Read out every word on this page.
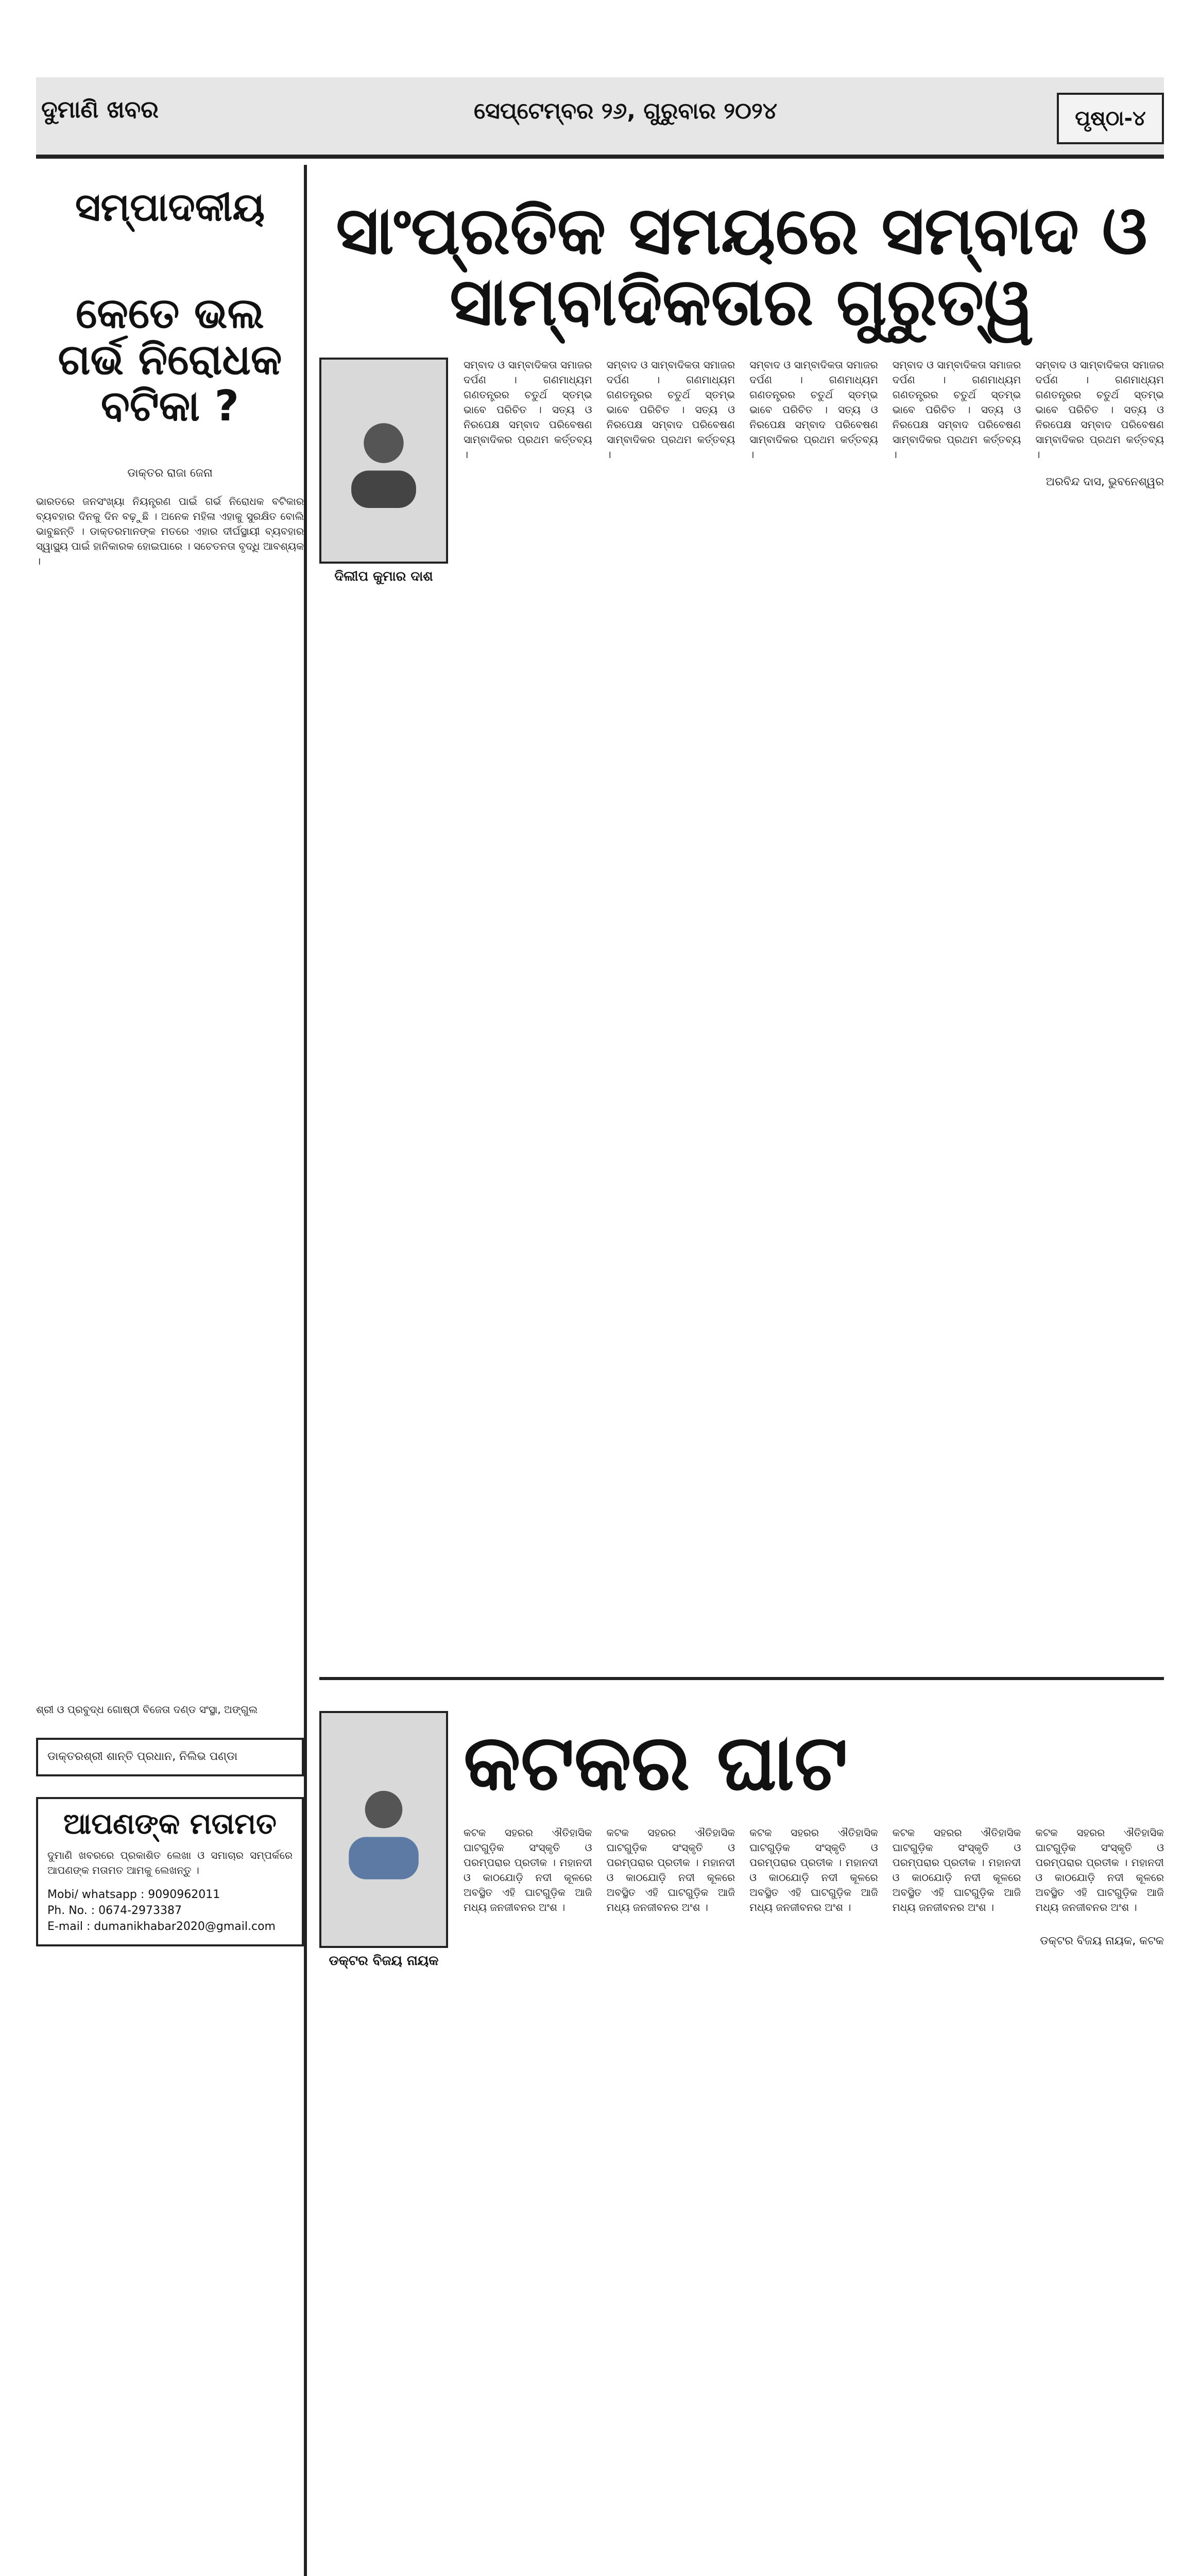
ଦୁମାଣି ଖବର	ସେପ୍ଟେମ୍ବର ୨୬, ଗୁରୁବାର ୨୦୨୪	ପୃଷ୍ଠା-୪
ସମ୍ପାଦକୀୟ
କେତେ ଭଲ ଗର୍ଭ ନିରୋଧକ ବଟିକା ?
ଡାକ୍ତର ରାଜା ଜେନା
ଭାରତରେ ଜନସଂଖ୍ୟା ନିୟନ୍ତ୍ରଣ ପାଇଁ ଗର୍ଭ ନିରୋଧକ ବଟିକାର ବ୍ୟବହାର ଦିନକୁ ଦିନ ବଢ଼ୁଛି । ଅନେକ ମହିଳା ଏହାକୁ ସୁରକ୍ଷିତ ବୋଲି ଭାବୁଛନ୍ତି । ଡାକ୍ତରମାନଙ୍କ ମତରେ ଏହାର ଦୀର୍ଘସ୍ଥାୟୀ ବ୍ୟବହାର ସ୍ୱାସ୍ଥ୍ୟ ପାଇଁ ହାନିକାରକ ହୋଇପାରେ । ସଚେତନତା ବୃଦ୍ଧି ଆବଶ୍ୟକ ।
ଶ୍ରୀ ଓ ପ୍ରବୁଦ୍ଧ ଗୋଷ୍ଠୀ ବିଜେତା ଦଣ୍ଡ ସଂସ୍ଥା, ଅଙ୍ଗୁଲ
ଡାକ୍ତରଶ୍ରୀ ଶାନ୍ତି ପ୍ରଧାନ, ନିଲିଭ ପଣ୍ଡା
ଆପଣଙ୍କ ମତାମତ
ଦୁମାଣି ଖବରରେ ପ୍ରକାଶିତ ଲେଖା ଓ ସମାଚାର ସମ୍ପର୍କରେ ଆପଣଙ୍କ ମତାମତ ଆମକୁ ଲେଖନ୍ତୁ ।
Mobi/ whatsapp : 9090962011
Ph. No. : 0674-2973387
E-mail : dumanikhabar2020@gmail.com
ସାଂପ୍ରତିକ ସମୟରେ ସମ୍ବାଦ ଓ ସାମ୍ବାଦିକତାର ଗୁରୁତ୍ୱ
ଦିଲୀପ କୁମାର ଦାଶ
ସମ୍ବାଦ ଓ ସାମ୍ବାଦିକତା ସମାଜର ଦର୍ପଣ । ଗଣମାଧ୍ୟମ ଗଣତନ୍ତ୍ରର ଚତୁର୍ଥ ସ୍ତମ୍ଭ ଭାବେ ପରିଚିତ । ସତ୍ୟ ଓ ନିରପେକ୍ଷ ସମ୍ବାଦ ପରିବେଷଣ ସାମ୍ବାଦିକର ପ୍ରଥମ କର୍ତ୍ତବ୍ୟ ।
ସମ୍ବାଦ ଓ ସାମ୍ବାଦିକତା ସମାଜର ଦର୍ପଣ । ଗଣମାଧ୍ୟମ ଗଣତନ୍ତ୍ରର ଚତୁର୍ଥ ସ୍ତମ୍ଭ ଭାବେ ପରିଚିତ । ସତ୍ୟ ଓ ନିରପେକ୍ଷ ସମ୍ବାଦ ପରିବେଷଣ ସାମ୍ବାଦିକର ପ୍ରଥମ କର୍ତ୍ତବ୍ୟ ।
ସମ୍ବାଦ ଓ ସାମ୍ବାଦିକତା ସମାଜର ଦର୍ପଣ । ଗଣମାଧ୍ୟମ ଗଣତନ୍ତ୍ରର ଚତୁର୍ଥ ସ୍ତମ୍ଭ ଭାବେ ପରିଚିତ । ସତ୍ୟ ଓ ନିରପେକ୍ଷ ସମ୍ବାଦ ପରିବେଷଣ ସାମ୍ବାଦିକର ପ୍ରଥମ କର୍ତ୍ତବ୍ୟ ।
ସମ୍ବାଦ ଓ ସାମ୍ବାଦିକତା ସମାଜର ଦର୍ପଣ । ଗଣମାଧ୍ୟମ ଗଣତନ୍ତ୍ରର ଚତୁର୍ଥ ସ୍ତମ୍ଭ ଭାବେ ପରିଚିତ । ସତ୍ୟ ଓ ନିରପେକ୍ଷ ସମ୍ବାଦ ପରିବେଷଣ ସାମ୍ବାଦିକର ପ୍ରଥମ କର୍ତ୍ତବ୍ୟ ।
ସମ୍ବାଦ ଓ ସାମ୍ବାଦିକତା ସମାଜର ଦର୍ପଣ । ଗଣମାଧ୍ୟମ ଗଣତନ୍ତ୍ରର ଚତୁର୍ଥ ସ୍ତମ୍ଭ ଭାବେ ପରିଚିତ । ସତ୍ୟ ଓ ନିରପେକ୍ଷ ସମ୍ବାଦ ପରିବେଷଣ ସାମ୍ବାଦିକର ପ୍ରଥମ କର୍ତ୍ତବ୍ୟ ।
ଅରବିନ୍ଦ ଦାସ, ଭୁବନେଶ୍ୱର
ଡକ୍ଟର ବିଜୟ ନାୟକ
କଟକର ଘାଟ
କଟକ ସହରର ଐତିହାସିକ ଘାଟଗୁଡ଼ିକ ସଂସ୍କୃତି ଓ ପରମ୍ପରାର ପ୍ରତୀକ । ମହାନଦୀ ଓ କାଠଯୋଡ଼ି ନଦୀ କୂଳରେ ଅବସ୍ଥିତ ଏହି ଘାଟଗୁଡ଼ିକ ଆଜି ମଧ୍ୟ ଜନଜୀବନର ଅଂଶ ।
କଟକ ସହରର ଐତିହାସିକ ଘାଟଗୁଡ଼ିକ ସଂସ୍କୃତି ଓ ପରମ୍ପରାର ପ୍ରତୀକ । ମହାନଦୀ ଓ କାଠଯୋଡ଼ି ନଦୀ କୂଳରେ ଅବସ୍ଥିତ ଏହି ଘାଟଗୁଡ଼ିକ ଆଜି ମଧ୍ୟ ଜନଜୀବନର ଅଂଶ ।
କଟକ ସହରର ଐତିହାସିକ ଘାଟଗୁଡ଼ିକ ସଂସ୍କୃତି ଓ ପରମ୍ପରାର ପ୍ରତୀକ । ମହାନଦୀ ଓ କାଠଯୋଡ଼ି ନଦୀ କୂଳରେ ଅବସ୍ଥିତ ଏହି ଘାଟଗୁଡ଼ିକ ଆଜି ମଧ୍ୟ ଜନଜୀବନର ଅଂଶ ।
କଟକ ସହରର ଐତିହାସିକ ଘାଟଗୁଡ଼ିକ ସଂସ୍କୃତି ଓ ପରମ୍ପରାର ପ୍ରତୀକ । ମହାନଦୀ ଓ କାଠଯୋଡ଼ି ନଦୀ କୂଳରେ ଅବସ୍ଥିତ ଏହି ଘାଟଗୁଡ଼ିକ ଆଜି ମଧ୍ୟ ଜନଜୀବନର ଅଂଶ ।
କଟକ ସହରର ଐତିହାସିକ ଘାଟଗୁଡ଼ିକ ସଂସ୍କୃତି ଓ ପରମ୍ପରାର ପ୍ରତୀକ । ମହାନଦୀ ଓ କାଠଯୋଡ଼ି ନଦୀ କୂଳରେ ଅବସ୍ଥିତ ଏହି ଘାଟଗୁଡ଼ିକ ଆଜି ମଧ୍ୟ ଜନଜୀବନର ଅଂଶ ।
ଡକ୍ଟର ବିଜୟ ନାୟକ, କଟକ
